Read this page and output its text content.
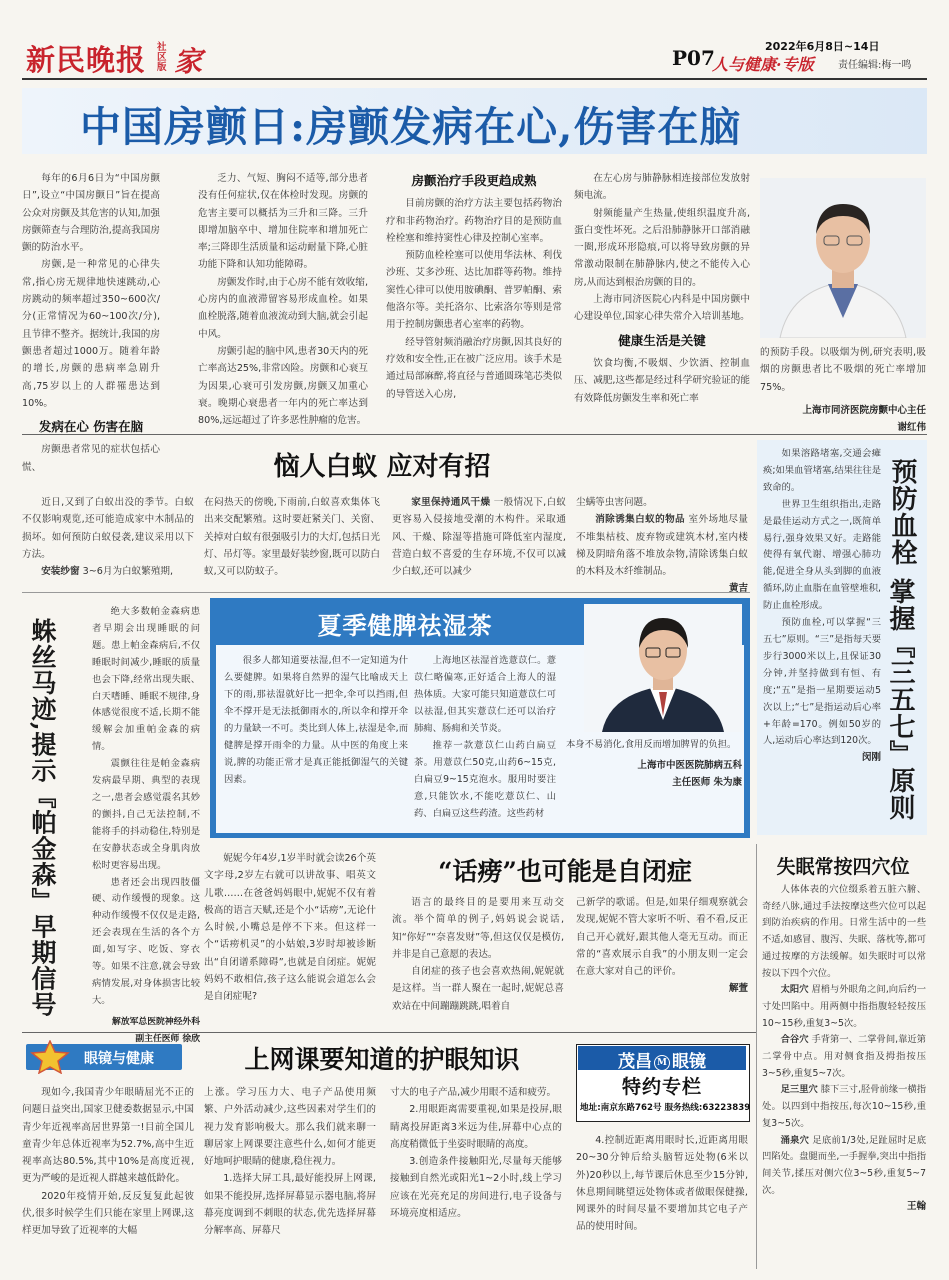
新民晚报 社区版 家	2022年6月8日~14日
P07
人与健康·专版 责任编辑:梅一鸣
中国房颤日:房颤发病在心,伤害在脑

每年的6月6日为“中国房颤日”,设立“中国房颤日”旨在提高公众对房颤及其危害的认知,加强房颤筛查与合理防治,提高我国房颤的防治水平。

房颤,是一种常见的心律失常,指心房无规律地快速跳动,心房跳动的频率超过350~600次/分(正常情况为60~100次/分),且节律不整齐。据统计,我国的房颤患者超过1000万。随着年龄的增长,房颤的患病率急剧升高,75岁以上的人群罹患达到10%。

发病在心 伤害在脑

房颤患者常见的症状包括心慌、

乏力、气短、胸闷不适等,部分患者没有任何症状,仅在体检时发现。房颤的危害主要可以概括为三升和三降。三升即增加脑卒中、增加住院率和增加死亡率;三降即生活质量和运动耐量下降,心脏功能下降和认知功能障碍。

房颤发作时,由于心房不能有效收缩,心房内的血液滞留容易形成血栓。如果血栓脱落,随着血液流动到大脑,就会引起中风。

房颤引起的脑中风,患者30天内的死亡率高达25%,非常凶险。房颤和心衰互为因果,心衰可引发房颤,房颤又加重心衰。晚期心衰患者一年内的死亡率达到80%,远远超过了许多恶性肿瘤的危害。

房颤治疗手段更趋成熟

目前房颤的治疗方法主要包括药物治疗和非药物治疗。药物治疗目的是预防血栓栓塞和维持窦性心律及控制心室率。

预防血栓栓塞可以使用华法林、利伐沙班、艾多沙班、达比加群等药物。维持窦性心律可以使用胺碘酮、普罗帕酮、索他洛尔等。美托洛尔、比索洛尔等则是常用于控制房颤患者心室率的药物。

经导管射频消融治疗房颤,因其良好的疗效和安全性,正在被广泛应用。该手术是通过局部麻醉,将直径与普通圆珠笔芯类似的导管送入心房,

在左心房与肺静脉相连接部位发放射频电流。

射频能量产生热量,使组织温度升高,蛋白变性坏死。之后沿肺静脉开口部消融一圈,形成环形隐痕,可以将导致房颤的异常激动限制在肺静脉内,使之不能传入心房,从而达到根治房颤的目的。

上海市同济医院心内科是中国房颤中心建设单位,国家心律失常介入培训基地。

健康生活是关键

饮食均衡,不吸烟、少饮酒、控制血压、减肥,这些都是经过科学研究验证的能有效降低房颤发生率和死亡率

的预防手段。以吸烟为例,研究表明,吸烟的房颤患者比不吸烟的死亡率增加75%。

上海市同济医院房颤中心主任
谢红伟
恼人白蚁 应对有招

近日,又到了白蚁出没的季节。白蚁不仅影响观览,还可能造成家中木制品的损坏。如何预防白蚁侵袭,建议采用以下方法。

安装纱窗 3~6月为白蚁繁殖期,

在闷热天的傍晚,下雨前,白蚁喜欢集体飞出来交配繁殖。这时要赶紧关门、关窗、关掉对白蚁有很强吸引力的大灯,包括日光灯、吊灯等。家里最好装纱窗,既可以防白蚁,又可以防蚊子。

家里保持通风干燥 一般情况下,白蚁更容易入侵接地受潮的木构件。采取通风、干燥、除湿等措施可降低室内湿度,营造白蚁不喜爱的生存环境,不仅可以减少白蚁,还可以减少

尘螨等虫害问题。

消除诱集白蚁的物品 室外场地尽量不堆集枯枝、废弃物或建筑木材,室内楼梯及阴暗角落不堆放杂物,清除诱集白蚁的木料及木纤维制品。

黄吉

如果溶路堵塞,交通会瘫痪;如果血管堵塞,结果往往是致命的。

世界卫生组织指出,走路是最佳运动方式之一,既简单易行,强身效果又好。走路能使得有氧代谢、增强心肺功能,促进全身从头到脚的血液循环,防止血脂在血管壁堆积,防止血栓形成。

预防血栓,可以掌握“三五七”原则。“三”是指每天要步行3000米以上,且保证30分钟,并坚持做到有恒、有度;“五”是指一星期要运动5次以上;“七”是指运动后心率+年龄=170。例如50岁的人,运动后心率达到120次。

闵刚
预防血栓
掌握『三五七』原则
蛛丝马迹,提示『帕金森』早期信号

绝大多数帕金森病患者早期会出现睡眠的问题。患上帕金森病后,不仅睡眠时间减少,睡眠的质量也会下降,经常出现失眠、白天嗜睡、睡眠不规律,身体感觉很度不适,长期不能缓解会加重帕金森的病情。

震颤往往是帕金森病发病最早期、典型的表现之一,患者会感觉震名其妙的颤抖,自己无法控制,不能将手的抖动稳住,特别是在安静状态或全身肌肉放松时更容易出现。

患者还会出现四肢僵硬、动作缓慢的现象。这种动作缓慢不仅仅是走路,还会表现在生活的各个方面,如写字、吃饭、穿衣等。如果不注意,就会导致病情发展,对身体损害比较大。

解放军总医院神经外科
副主任医师 徐欣
夏季健脾祛湿茶

很多人都知道要祛湿,但不一定知道为什么要健脾。如果将自然界的湿气比喻成天上下的雨,那祛湿就好比一把伞,伞可以挡雨,但伞不撑开是无法抵御雨水的,所以伞和撑开伞的力量缺一不可。类比到人体上,祛湿是伞,而健脾是撑开雨伞的力量。从中医的角度上来说,脾的功能正常才是真正能抵御湿气的关键因素。

上海地区祛湿首选薏苡仁。薏苡仁略偏寒,正好适合上海人的湿热体质。大家可能只知道薏苡仁可以祛湿,但其实薏苡仁还可以治疗肺痈、肠痈和关节炎。

推荐一款薏苡仁山药白扁豆茶。用薏苡仁50克,山药6~15克,白扁豆9~15克泡水。服用时要注意,只能饮水,不能吃薏苡仁、山药、白扁豆这些药渣。这些药材

本身不易消化,食用反而增加脾胃的负担。

上海市中医医院肺病五科
主任医师 朱为康

妮妮今年4岁,1岁半时就会读26个英文字母,2岁左右就可以讲故事、唱英文儿歌……在爸爸妈妈眼中,妮妮不仅有着极高的语言天赋,还是个小“话痨”,无论什么时候,小嘴总是停不下来。但这样一个“话痨机灵”的小姑娘,3岁时却被诊断出“自闭谱系障碍”,也就是自闭症。妮妮妈妈不敢相信,孩子这么能说会道怎么会是自闭症呢?

“话痨”也可能是自闭症

语言的最终目的是要用来互动交流。举个简单的例子,妈妈说会说话,知“你好”“奈喜发财”等,但这仅仅是模仿,并非是自己意愿的表达。

自闭症的孩子也会喜欢热闹,妮妮就是这样。当一群人聚在一起时,妮妮总喜欢站在中间蹦蹦跳跳,唱着自

己新学的歌谣。但是,如果仔细观察就会发现,妮妮不管大家听不听、看不看,反正自己开心就好,跟其他人毫无互动。而正常的“喜欢展示自我”的小朋友则一定会在意大家对自己的评价。

解萱
失眠常按四穴位

人体体表的穴位缀系着五脏六腑、奇经八脉,通过手法按摩这些穴位可以起到防治疾病的作用。日常生活中的一些不适,如感冒、腹泻、失眠、落枕等,都可通过按摩的方法缓解。如失眠时可以常按以下四个穴位。

太阳穴 眉梢与外眼角之间,向后约一寸处凹陷中。用两侧中指指腹轻轻按压10~15秒,重复3~5次。

合谷穴 手背第一、二掌骨间,靠近第二掌骨中点。用对侧食指及拇指按压3~5秒,重复5~7次。

足三里穴 膝下三寸,胫骨前缘一横指处。以四到中指按压,每次10~15秒,重复3~5次。

涌泉穴 足底前1/3处,足趾屈时足底凹陷处。盘腿而坐,一手握拳,突出中指指间关节,揉压对侧穴位3~5秒,重复5~7次。

王翰
眼镜与健康	上网课要知道的护眼知识

现如今,我国青少年眼睛屈光不正的问题日益突出,国家卫健委数据显示,中国青少年近视率高居世界第一!目前全国儿童青少年总体近视率为52.7%,高中生近视率高达80.5%,其中10%是高度近视,更为严峻的是近视人群越来越低龄化。

2020年疫情开始,反反复复此起彼伏,很多时候学生们只能在家里上网课,这样更加导致了近视率的大幅

上涨。学习压力大、电子产品使用频繁、户外活动减少,这些因素对学生们的视力发育影响极大。那么我们就来聊一聊居家上网课要注意些什么,如何才能更好地呵护眼睛的健康,稳住视力。

1.选择大屏工具,最好能投屏上网课,如果不能投屏,选择屏幕显示器电脑,将屏幕亮度调到不刺眼的状态,优先选择屏幕分解率高、屏幕尺

寸大的电子产品,减少用眼不适和疲劳。

2.用眼距离需要重视,如果是投屏,眼睛离投屏距离3米远为佳,屏幕中心点的高度稍微低于坐姿时眼睛的高度。

3.创造条件接触阳光,尽量每天能够接触到自然光或阳光1~2小时,线上学习应该在光亮充足的房间进行,电子设备与环境亮度相适应。

茂昌 M 眼镜
特约专栏
地址:南京东路762号 服务热线:63223839

4.控制近距离用眼时长,近距离用眼20~30分钟后给头脑暂远处物(6米以外)20秒以上,每节课后休息至少15分钟,休息期间眺望远处物体或者做眼保健操,网课外的时间尽量不要增加其它电子产品的使用时间。
